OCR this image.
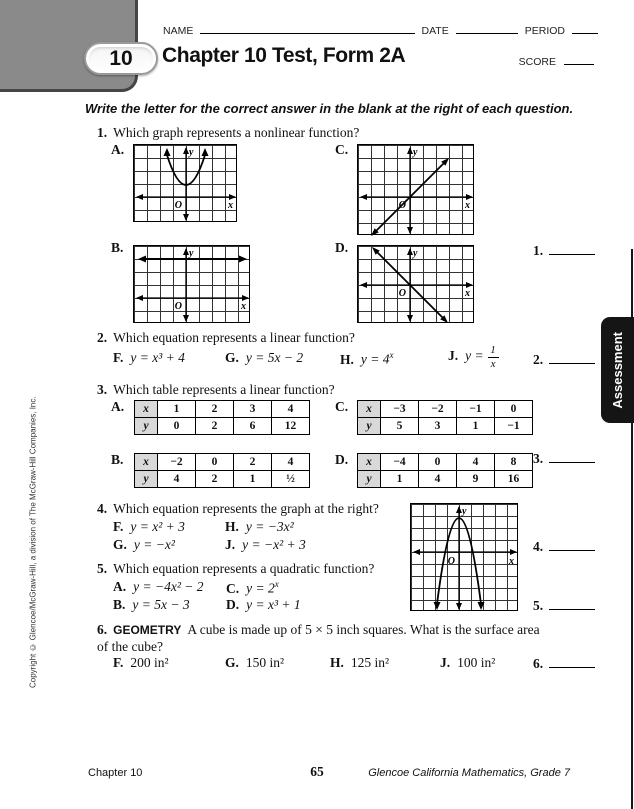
10
NAME	DATE	PERIOD
SCORE
Chapter 10 Test, Form 2A
Write the letter for the correct answer in the blank at the right of each question.
1. Which graph represents a nonlinear function?
A.	y
O	x
C.	y
O	x
B.	y
O	x
D.	y
O	x
1.
2. Which equation represents a linear function?
F. y = x³ + 4	G. y = 5x − 2	H. $y = 4^x$	J. $y = \frac{1}{x}$	2.
3. Which table represents a linear function?
A. x	1	2	3	4
y	0	2	6	12
C. x	−3	−2	−1	0
y	5	3	1	−1
B. x	−2	0	2	4
y	4	2	1	½
D. x	−4	0	4	8
y	1	4	9	16
3.
4. Which equation represents the graph at the right?
F. y = x² + 3	H. y = −3x²
G. y = −x²	J. y = −x² + 3
y
O	x
4.
5. Which equation represents a quadratic function?
A. y = −4x² − 2 C. $y = 2^x$
B. y = 5x − 3	D. y = x³ + 1	5.
6. GEOMETRY A cube is made up of 5 × 5 inch squares. What is the surface area of the cube?
F. 200 in²	G. 150 in²	H. 125 in²	J. 100 in²	6.
Copyright © Glencoe/McGraw-Hill, a division of The McGraw-Hill Companies, Inc.
Assessment
Chapter 10	65	Glencoe California Mathematics, Grade 7
